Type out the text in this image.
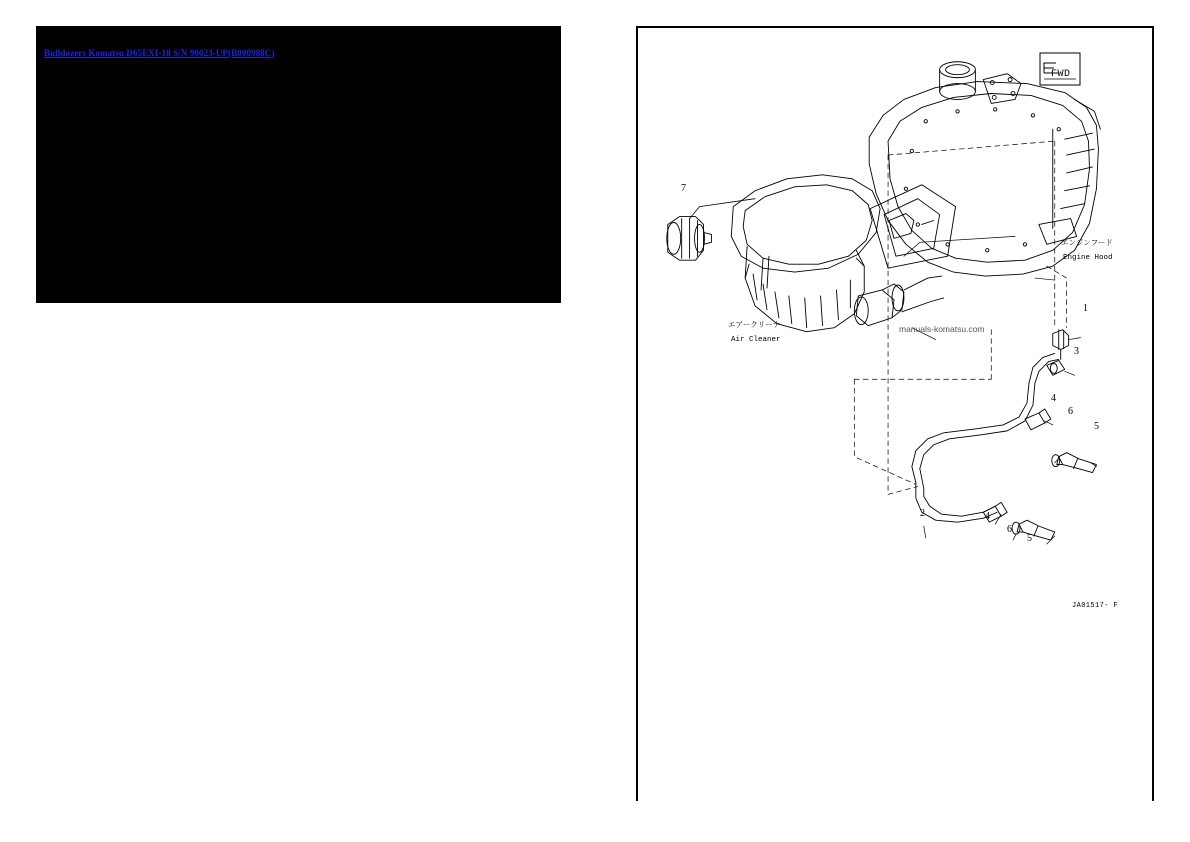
Bulldozers Komatsu D65EXI-18 S/N 90023-UP(B000988C)
FWD
1
2
3
4
4
5
5
6
6
7
エアークリーナ
Air Cleaner
エンジンフード
Engine Hood
manuals-komatsu.com
JA01517- F
